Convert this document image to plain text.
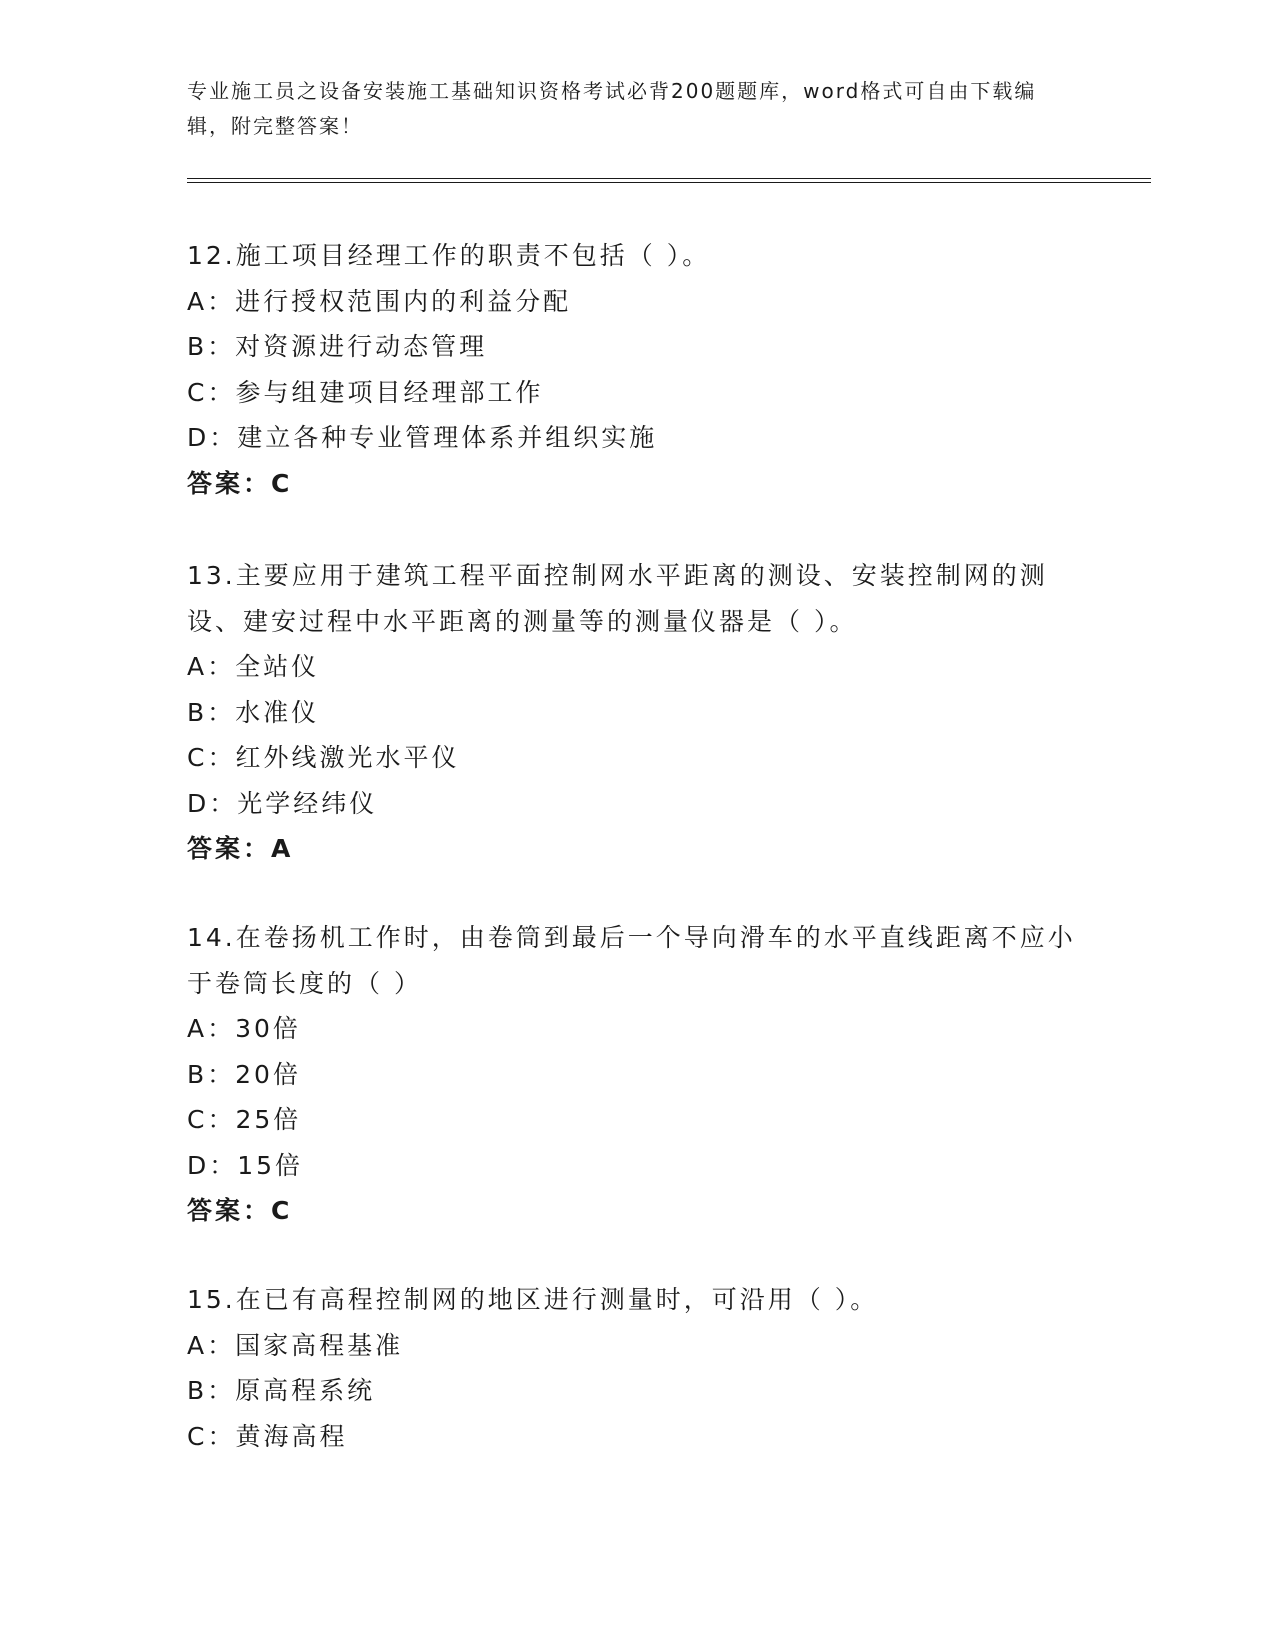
专业施工员之设备安装施工基础知识资格考试必背200题题库，word格式可自由下载编辑，附完整答案！

12.施工项目经理工作的职责不包括（ ）。

A：进行授权范围内的利益分配

B：对资源进行动态管理

C：参与组建项目经理部工作

D：建立各种专业管理体系并组织实施

答案：C

13.主要应用于建筑工程平面控制网水平距离的测设、安装控制网的测设、建安过程中水平距离的测量等的测量仪器是（ ）。

A：全站仪

B：水准仪

C：红外线激光水平仪

D：光学经纬仪

答案：A

14.在卷扬机工作时，由卷筒到最后一个导向滑车的水平直线距离不应小于卷筒长度的（ ）

A：30倍

B：20倍

C：25倍

D：15倍

答案：C

15.在已有高程控制网的地区进行测量时，可沿用（ ）。

A：国家高程基准

B：原高程系统

C：黄海高程
